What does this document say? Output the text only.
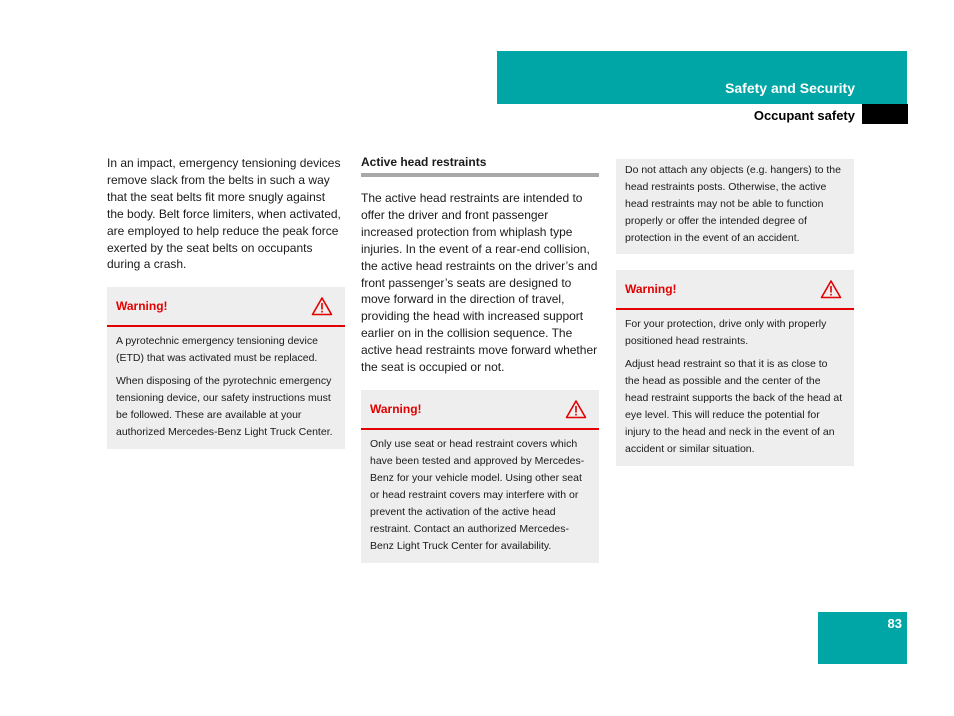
Safety and Security
Occupant safety

In an impact, emergency tensioning devices remove slack from the belts in such a way that the seat belts fit more snugly against the body. Belt force limiters, when activated, are employed to help reduce the peak force exerted by the seat belts on occupants during a crash.

Warning!

A pyrotechnic emergency tensioning device (ETD) that was activated must be replaced.

When disposing of the pyrotechnic emergency tensioning device, our safety instructions must be followed. These are available at your authorized Mercedes-Benz Light Truck Center.

Active head restraints

The active head restraints are intended to offer the driver and front passenger increased protection from whiplash type injuries. In the event of a rear-end collision, the active head restraints on the driver’s and front passenger’s seats are designed to move forward in the direction of travel, providing the head with increased support earlier on in the collision sequence. The active head restraints move forward whether the seat is occupied or not.

Warning!

Only use seat or head restraint covers which have been tested and approved by Mercedes-Benz for your vehicle model. Using other seat or head restraint covers may interfere with or prevent the activation of the active head restraint. Contact an authorized Mercedes-Benz Light Truck Center for availability.

Do not attach any objects (e.g. hangers) to the head restraints posts. Otherwise, the active head restraints may not be able to function properly or offer the intended degree of protection in the event of an accident.

Warning!

For your protection, drive only with properly positioned head restraints.

Adjust head restraint so that it is as close to the head as possible and the center of the head restraint supports the back of the head at eye level. This will reduce the potential for injury to the head and neck in the event of an accident or similar situation.

83
